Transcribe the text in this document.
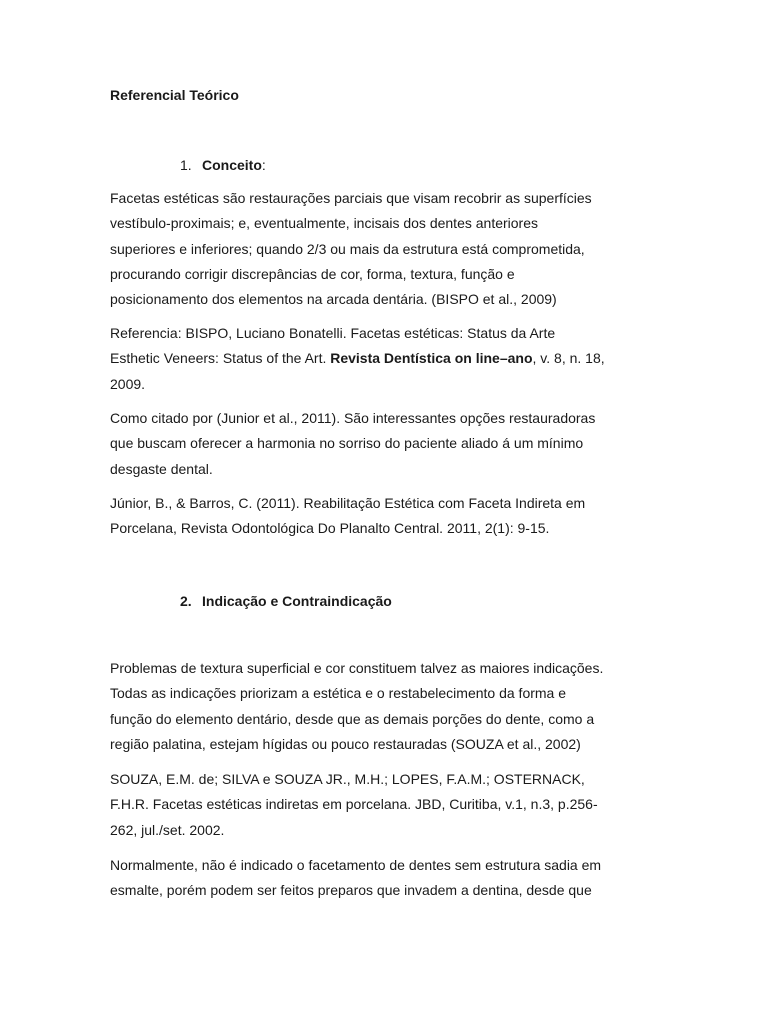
Referencial Teórico
1. Conceito:
Facetas estéticas são restaurações parciais que visam recobrir as superfícies
vestíbulo-proximais; e, eventualmente, incisais dos dentes anteriores
superiores e inferiores; quando 2/3 ou mais da estrutura está comprometida,
procurando corrigir discrepâncias de cor, forma, textura, função e
posicionamento dos elementos na arcada dentária. (BISPO et al., 2009)
Referencia: BISPO, Luciano Bonatelli. Facetas estéticas: Status da Arte
Esthetic Veneers: Status of the Art. Revista Dentística on line–ano, v. 8, n. 18,
2009.
Como citado por (Junior et al., 2011). São interessantes opções restauradoras
que buscam oferecer a harmonia no sorriso do paciente aliado á um mínimo
desgaste dental.
Júnior, B., & Barros, C. (2011). Reabilitação Estética com Faceta Indireta em
Porcelana, Revista Odontológica Do Planalto Central. 2011, 2(1): 9-15.
2. Indicação e Contraindicação
Problemas de textura superficial e cor constituem talvez as maiores indicações.
Todas as indicações priorizam a estética e o restabelecimento da forma e
função do elemento dentário, desde que as demais porções do dente, como a
região palatina, estejam hígidas ou pouco restauradas (SOUZA et al., 2002)
SOUZA, E.M. de; SILVA e SOUZA JR., M.H.; LOPES, F.A.M.; OSTERNACK,
F.H.R. Facetas estéticas indiretas em porcelana. JBD, Curitiba, v.1, n.3, p.256-
262, jul./set. 2002.
Normalmente, não é indicado o facetamento de dentes sem estrutura sadia em
esmalte, porém podem ser feitos preparos que invadem a dentina, desde que
